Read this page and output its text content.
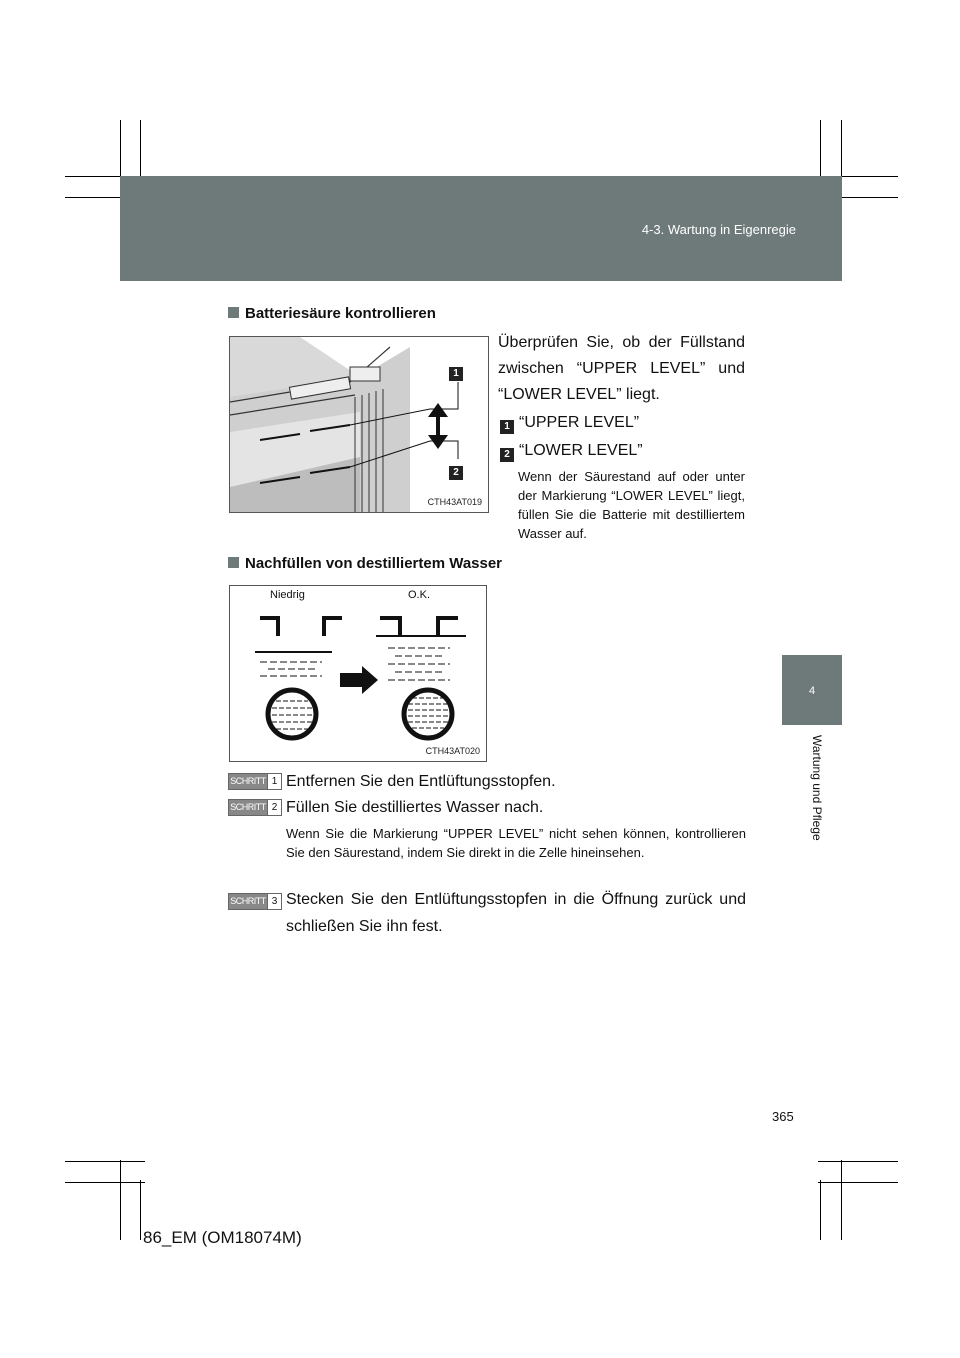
4-3. Wartung in Eigenregie
4
Wartung und Pflege
Batteriesäure kontrollieren
1
2
CTH43AT019
Überprüfen Sie, ob der Füllstand zwischen “UPPER LEVEL” und “LOWER LEVEL” liegt.
1 “UPPER LEVEL”
2 “LOWER LEVEL”
Wenn der Säurestand auf oder unter der Markierung “LOWER LEVEL” liegt, füllen Sie die Batterie mit destilliertem Wasser auf.
Nachfüllen von destilliertem Wasser
Niedrig	O.K.
CTH43AT020
SCHRITT 1 Entfernen Sie den Entlüftungsstopfen.
SCHRITT 2 Füllen Sie destilliertes Wasser nach.
Wenn Sie die Markierung “UPPER LEVEL” nicht sehen können, kontrollieren Sie den Säurestand, indem Sie direkt in die Zelle hineinsehen.
SCHRITT 3 Stecken Sie den Entlüftungsstopfen in die Öffnung zurück und schließen Sie ihn fest.
365
86_EM (OM18074M)
